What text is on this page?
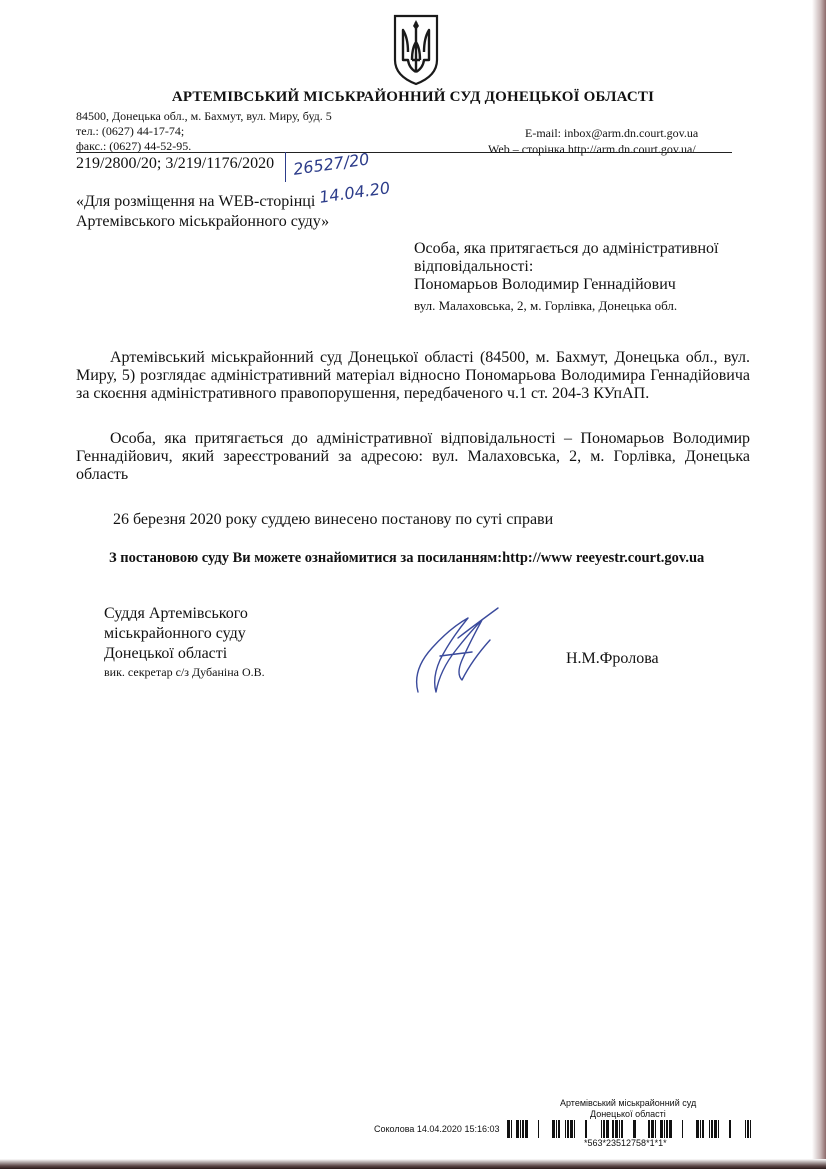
АРТЕМІВСЬКИЙ МІСЬКРАЙОННИЙ СУД ДОНЕЦЬКОЇ ОБЛАСТІ
84500, Донецька обл., м. Бахмут, вул. Миру, буд. 5
тел.: (0627) 44-17-74;
факс.: (0627) 44-52-95.
E-mail: inbox@arm.dn.court.gov.ua
Web – сторінка http://arm.dn.court.gov.ua/
219/2800/20; 3/219/1176/2020 26527/20
14.04.20
«Для розміщення на WEB-сторінці
Артемівського міськрайонного суду»
Особа, яка притягається до адміністративної
відповідальності:
Пономарьов Володимир Геннадійович
вул. Малаховська, 2, м. Горлівка, Донецька обл.
Артемівський міськрайонний суд Донецької області (84500, м. Бахмут, Донецька обл., вул.
Миру, 5) розглядає адміністративний матеріал відносно Пономарьова Володимира Геннадійовича
за скоєння адміністративного правопорушення, передбаченого ч.1 ст. 204-3 КУпАП.
Особа, яка притягається до адміністративної відповідальності – Пономарьов Володимир
Геннадійович, який зареєстрований за адресою: вул. Малаховська, 2, м. Горлівка, Донецька
область
26 березня 2020 року суддею винесено постанову по суті справи
З постановою суду Ви можете ознайомитися за посиланням:http://www reeyestr.court.gov.ua
Суддя Артемівського
міськрайонного суду
Донецької області
вик. секретар с/з Дубаніна О.В.
Н.М.Фролова
Артемівський міськрайонний суд
Донецької області
Соколова 14.04.2020 15:16:03
*563*23512758*1*1*
